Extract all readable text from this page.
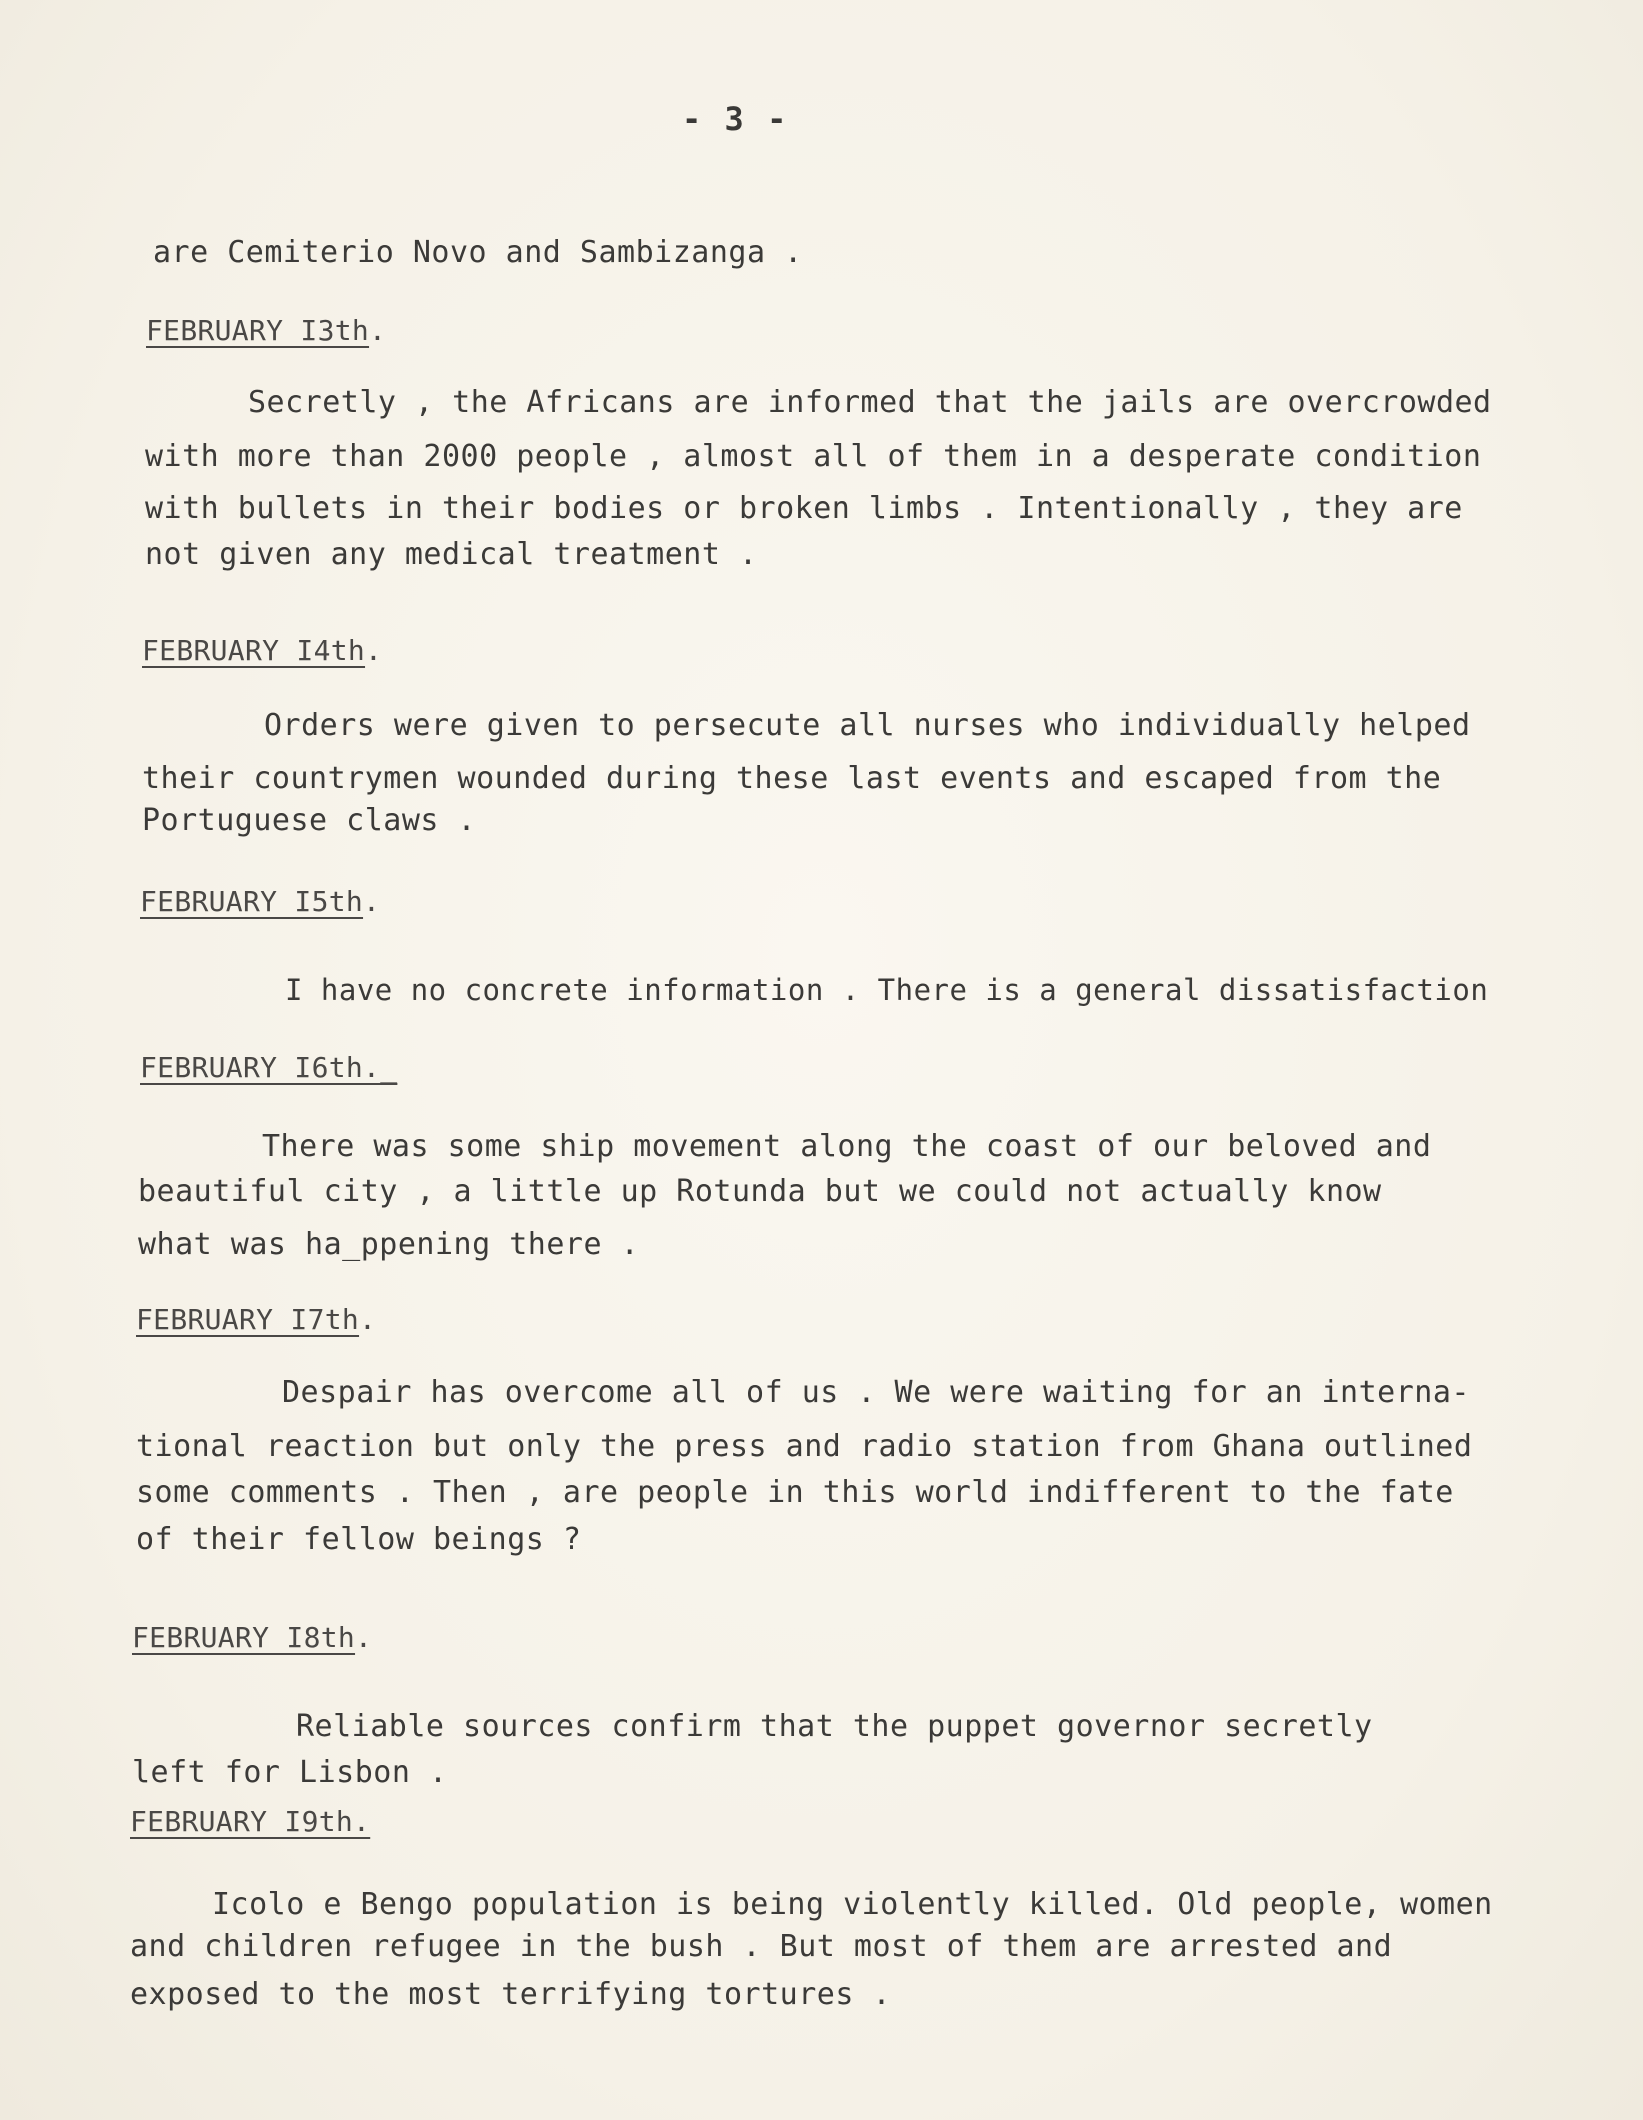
- 3 -
are Cemiterio Novo and Sambizanga .
FEBRUARY I3th.
Secretly , the Africans are informed that the jails are overcrowded
with more than 2000 people , almost all of them in a desperate condition
with bullets in their bodies or broken limbs . Intentionally , they are
not given any medical treatment .
FEBRUARY I4th.
Orders were given to persecute all nurses who individually helped
their countrymen wounded during these last events and escaped from the
Portuguese claws .
FEBRUARY I5th.
I have no concrete information . There is a general dissatisfaction
FEBRUARY I6th._
There was some ship movement along the coast of our beloved and
beautiful city , a little up Rotunda but we could not actually know
what was ha_ppening there .
FEBRUARY I7th.
Despair has overcome all of us . We were waiting for an interna-
tional reaction but only the press and radio station from Ghana outlined
some comments . Then , are people in this world indifferent to the fate
of their fellow beings ?
FEBRUARY I8th.
Reliable sources confirm that the puppet governor secretly
left for Lisbon .
FEBRUARY I9th.
Icolo e Bengo population is being violently killed. Old people, women
and children refugee in the bush . But most of them are arrested and
exposed to the most terrifying tortures .
